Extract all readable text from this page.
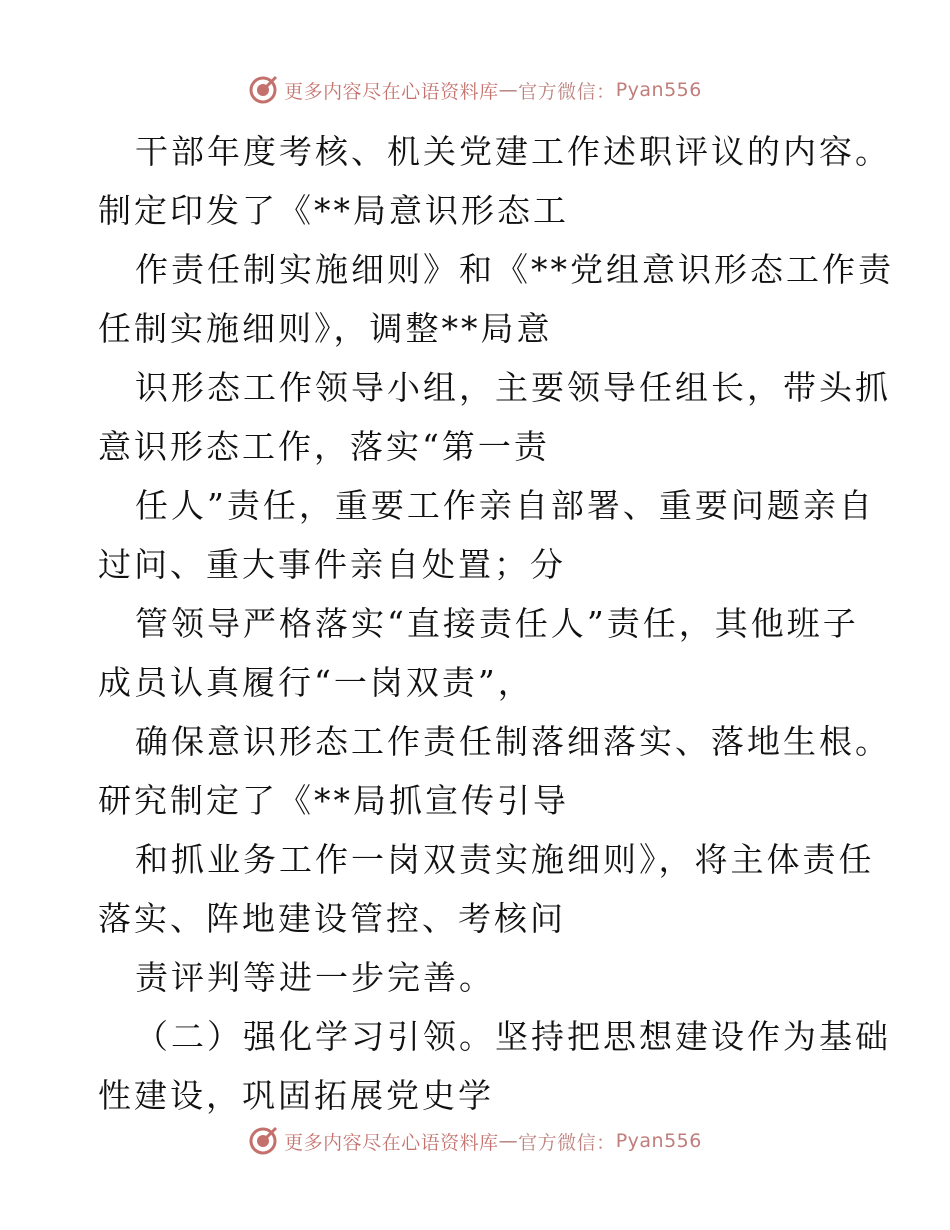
更多内容尽在心语资料库 — 官方微信： Pyan556
干部年度考核、机关党建工作述职评议的内容。
制定印发了《**局意识形态工
作责任制实施细则》和《**党组意识形态工作责
任制实施细则》，调整**局意
识形态工作领导小组，主要领导任组长，带头抓
意识形态工作，落实“第一责
任人”责任，重要工作亲自部署、重要问题亲自
过问、重大事件亲自处置；分
管领导严格落实“直接责任人”责任，其他班子
成员认真履行“一岗双责”，
确保意识形态工作责任制落细落实、落地生根。
研究制定了《**局抓宣传引导
和抓业务工作一岗双责实施细则》，将主体责任
落实、阵地建设管控、考核问
责评判等进一步完善。
（二）强化学习引领。坚持把思想建设作为基础
性建设，巩固拓展党史学
更多内容尽在心语资料库 — 官方微信： Pyan556
